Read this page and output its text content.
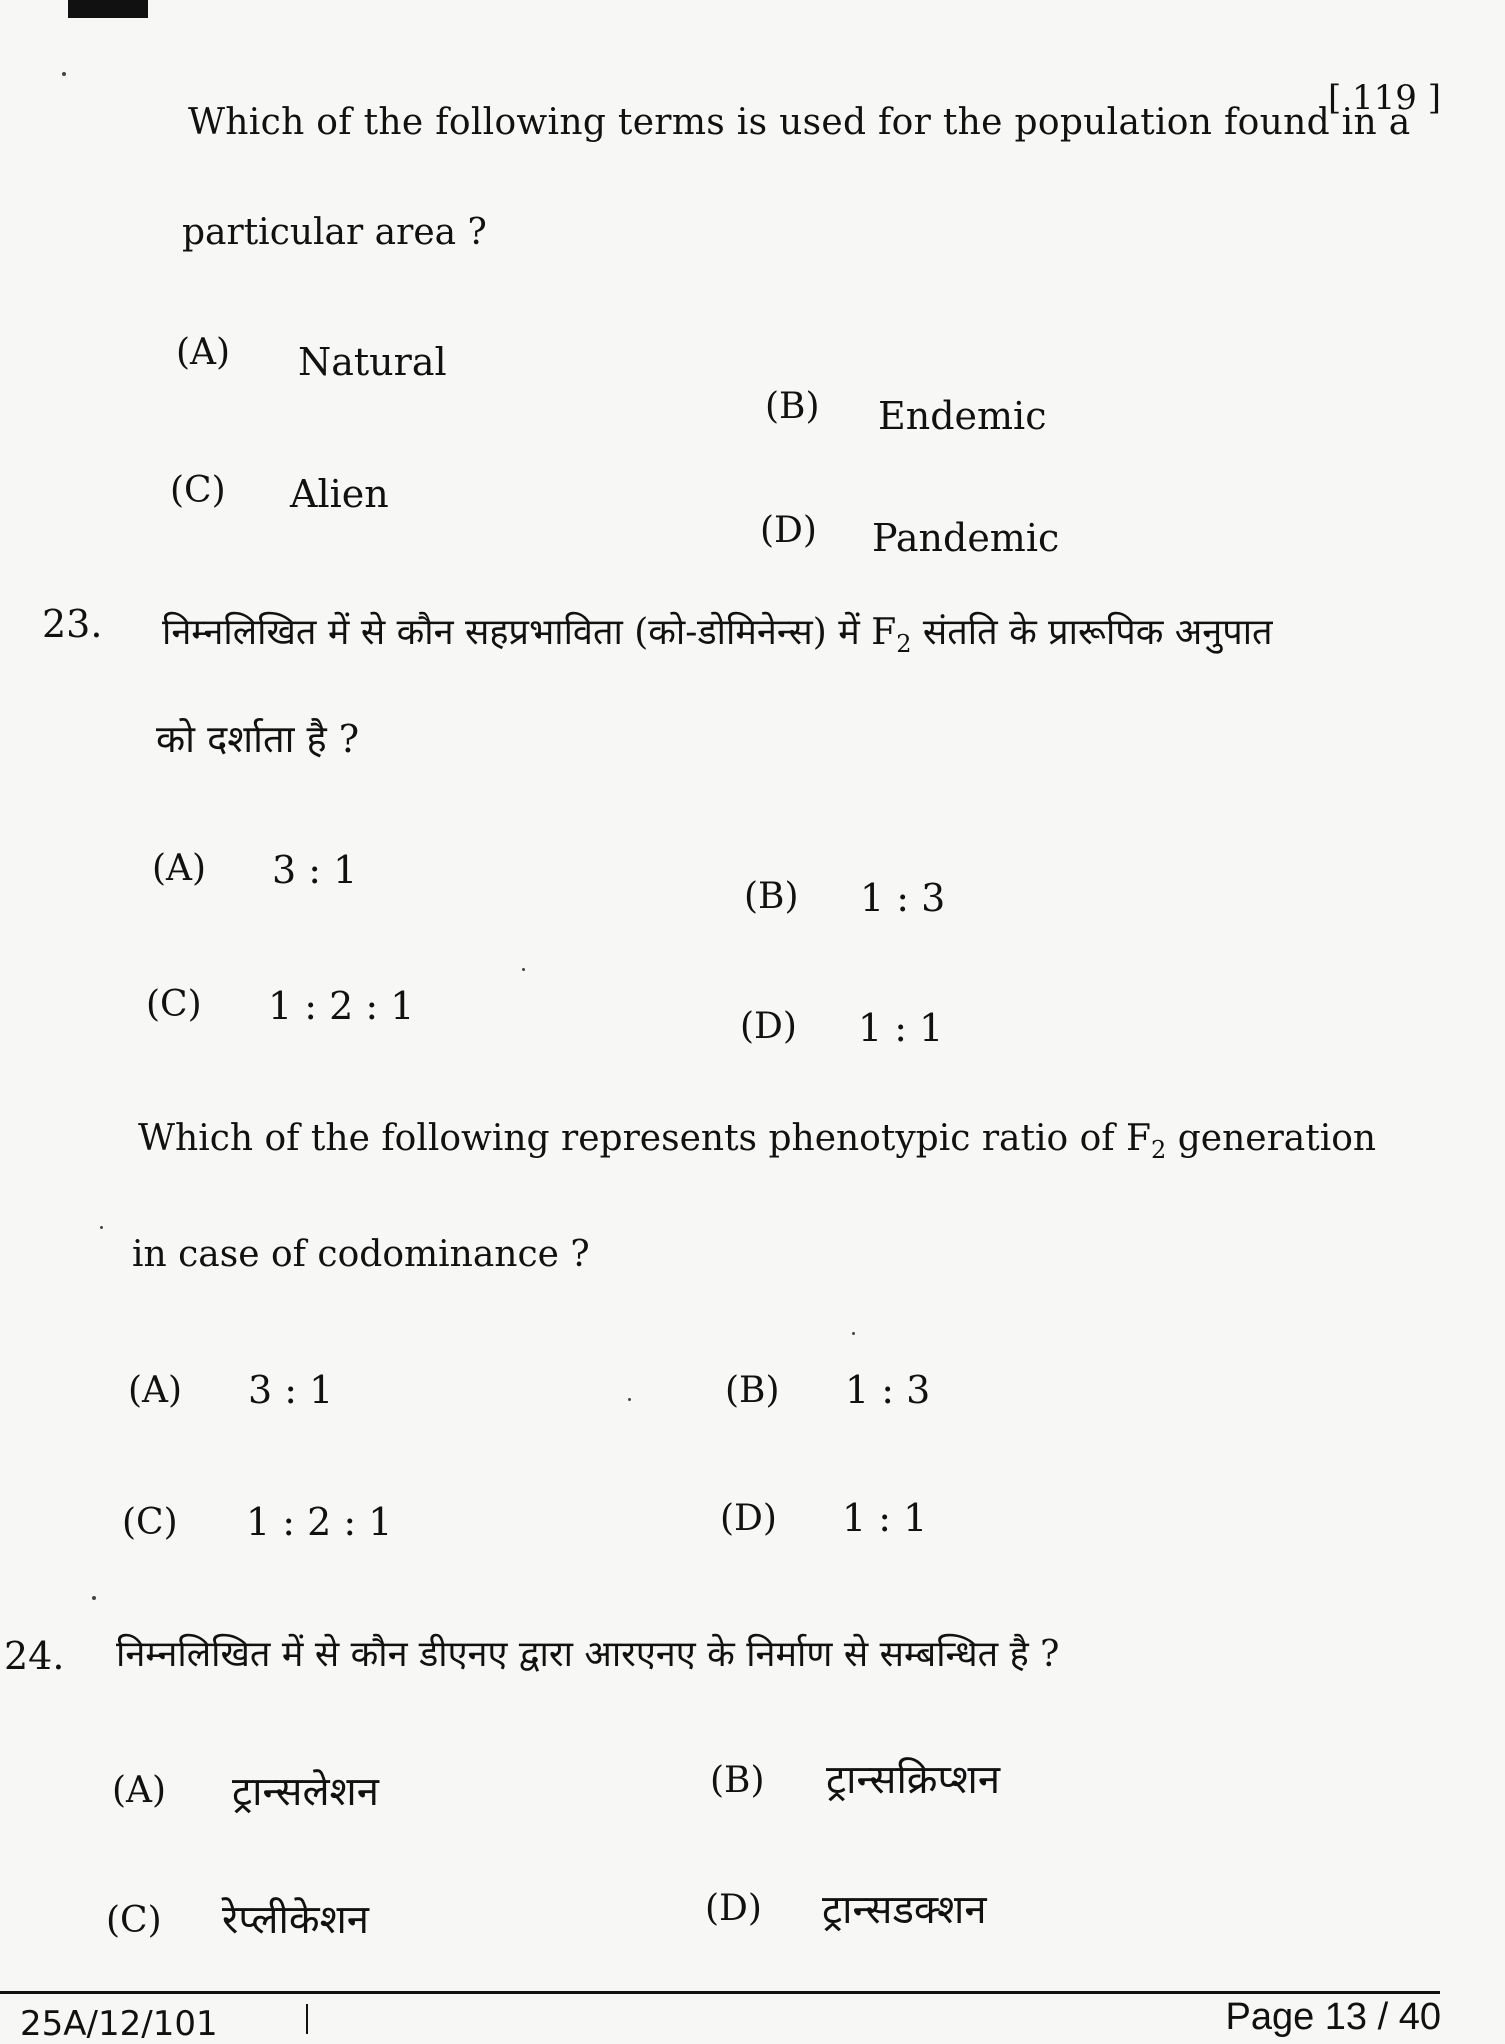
[ 119 ]
Which of the following terms is used for the population found in a
particular area ?
(A) Natural
(B) Endemic
(C) Alien
(D) Pandemic
23. निम्नलिखित में से कौन सहप्रभाविता (को-डोमिनेन्स) में $F_2$ संतति के प्रारूपिक अनुपात
को दर्शाता है ?
(A) 3 : 1
(B) 1 : 3
(C) 1 : 2 : 1	(D) 1 : 1
Which of the following represents phenotypic ratio of $F_2$ generation
in case of codominance ?
(A) 3 : 1	(B) 1 : 3
(C) 1 : 2 : 1	(D) 1 : 1
24. निम्नलिखित में से कौन डीएनए द्वारा आरएनए के निर्माण से सम्बन्धित है ?
(A) ट्रान्सलेशन	(B) ट्रान्सक्रिप्शन
(C) रेप्लीकेशन	(D) ट्रान्सडक्शन
25A/12/101	Page 13 / 40
